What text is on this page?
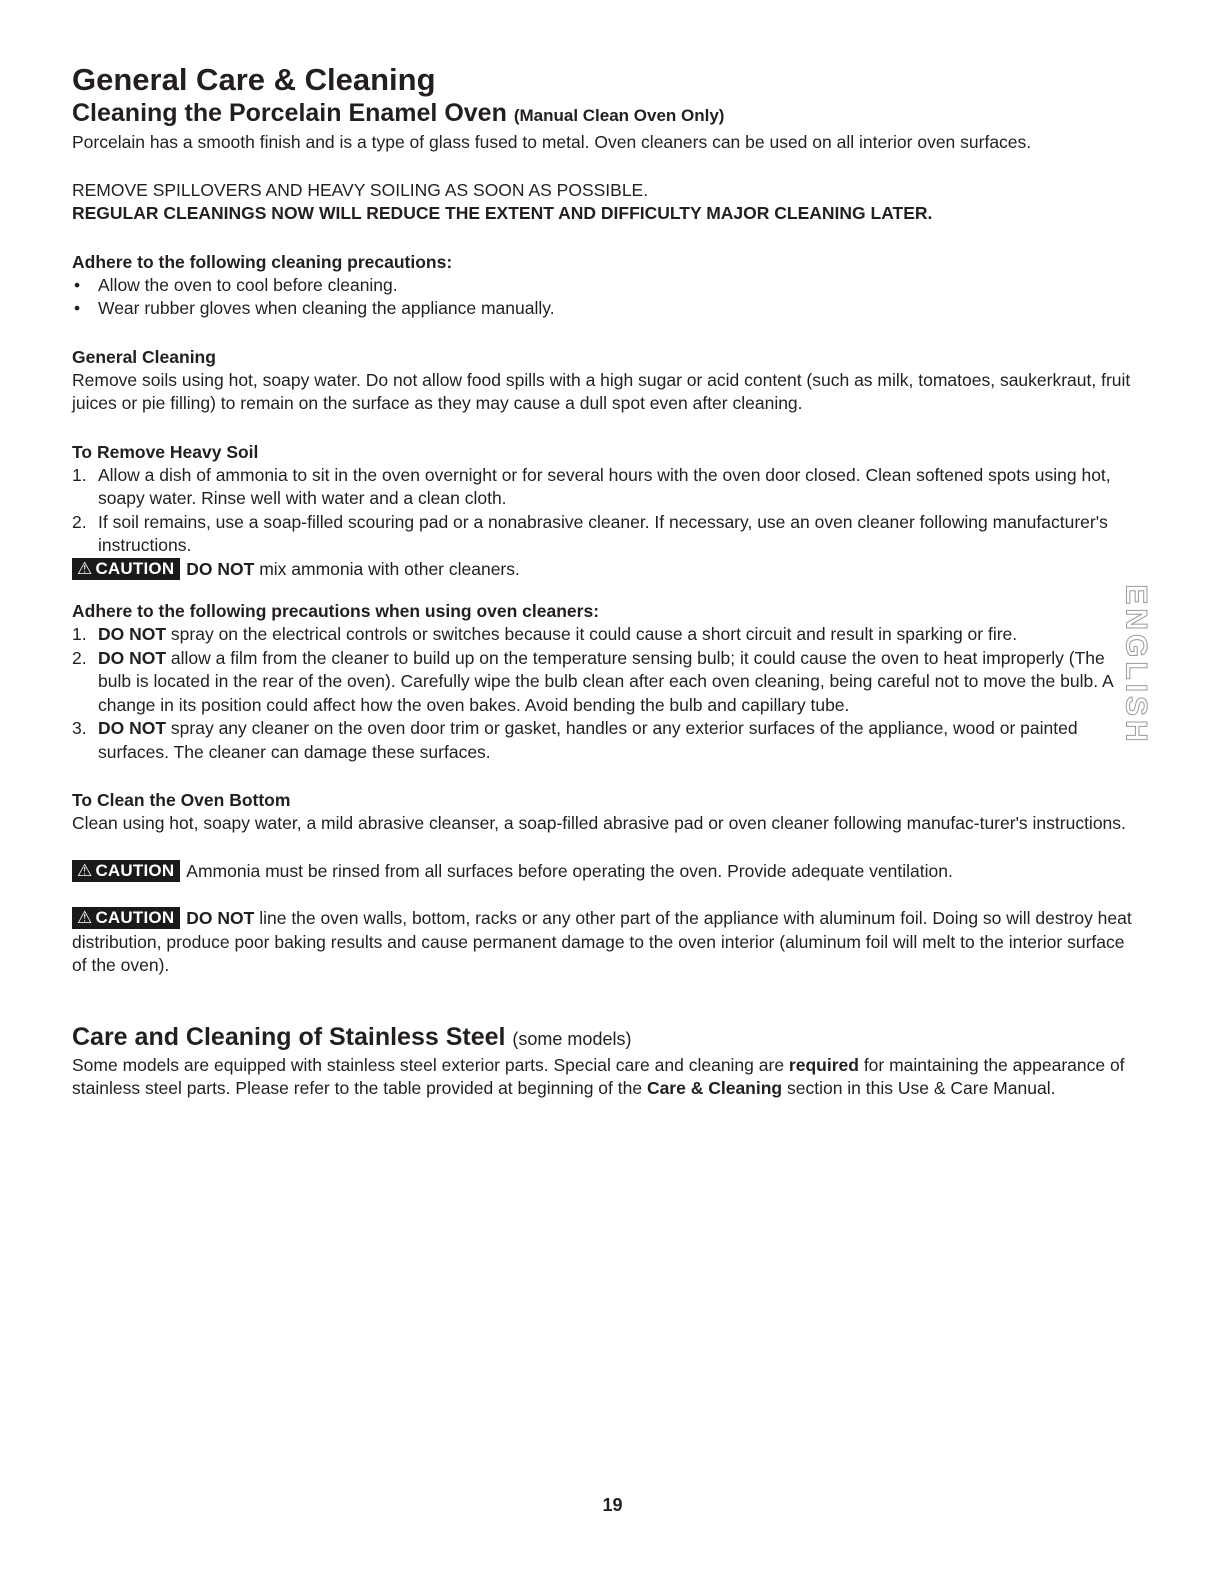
General Care & Cleaning
Cleaning the Porcelain Enamel Oven (Manual Clean Oven Only)

Porcelain has a smooth finish and is a type of glass fused to metal. Oven cleaners can be used on all interior oven surfaces.

REMOVE SPILLOVERS AND HEAVY SOILING AS SOON AS POSSIBLE.

REGULAR CLEANINGS NOW WILL REDUCE THE EXTENT AND DIFFICULTY MAJOR CLEANING LATER.

Adhere to the following cleaning precautions:

• Allow the oven to cool before cleaning.
• Wear rubber gloves when cleaning the appliance manually.

General Cleaning

Remove soils using hot, soapy water. Do not allow food spills with a high sugar or acid content (such as milk, tomatoes, saukerkraut, fruit juices or pie filling) to remain on the surface as they may cause a dull spot even after cleaning.

To Remove Heavy Soil

1. Allow a dish of ammonia to sit in the oven overnight or for several hours with the oven door closed. Clean softened spots using hot, soapy water. Rinse well with water and a clean cloth.
2. If soil remains, use a soap-filled scouring pad or a nonabrasive cleaner. If necessary, use an oven cleaner following manufacturer's instructions.

⚠ CAUTION DO NOT mix ammonia with other cleaners.

Adhere to the following precautions when using oven cleaners:

1. DO NOT spray on the electrical controls or switches because it could cause a short circuit and result in sparking or fire.
2. DO NOT allow a film from the cleaner to build up on the temperature sensing bulb; it could cause the oven to heat improperly (The bulb is located in the rear of the oven). Carefully wipe the bulb clean after each oven cleaning, being careful not to move the bulb. A change in its position could affect how the oven bakes. Avoid bending the bulb and capillary tube.
3. DO NOT spray any cleaner on the oven door trim or gasket, handles or any exterior surfaces of the appliance, wood or painted surfaces. The cleaner can damage these surfaces.

To Clean the Oven Bottom

Clean using hot, soapy water, a mild abrasive cleanser, a soap-filled abrasive pad or oven cleaner following manufac-turer's instructions.

⚠ CAUTION Ammonia must be rinsed from all surfaces before operating the oven. Provide adequate ventilation.

⚠ CAUTION DO NOT line the oven walls, bottom, racks or any other part of the appliance with aluminum foil. Doing so will destroy heat distribution, produce poor baking results and cause permanent damage to the oven interior (aluminum foil will melt to the interior surface of the oven).

Care and Cleaning of Stainless Steel (some models)

Some models are equipped with stainless steel exterior parts. Special care and cleaning are required for maintaining the appearance of stainless steel parts. Please refer to the table provided at beginning of the Care & Cleaning section in this Use & Care Manual.

ENGLISH
19
